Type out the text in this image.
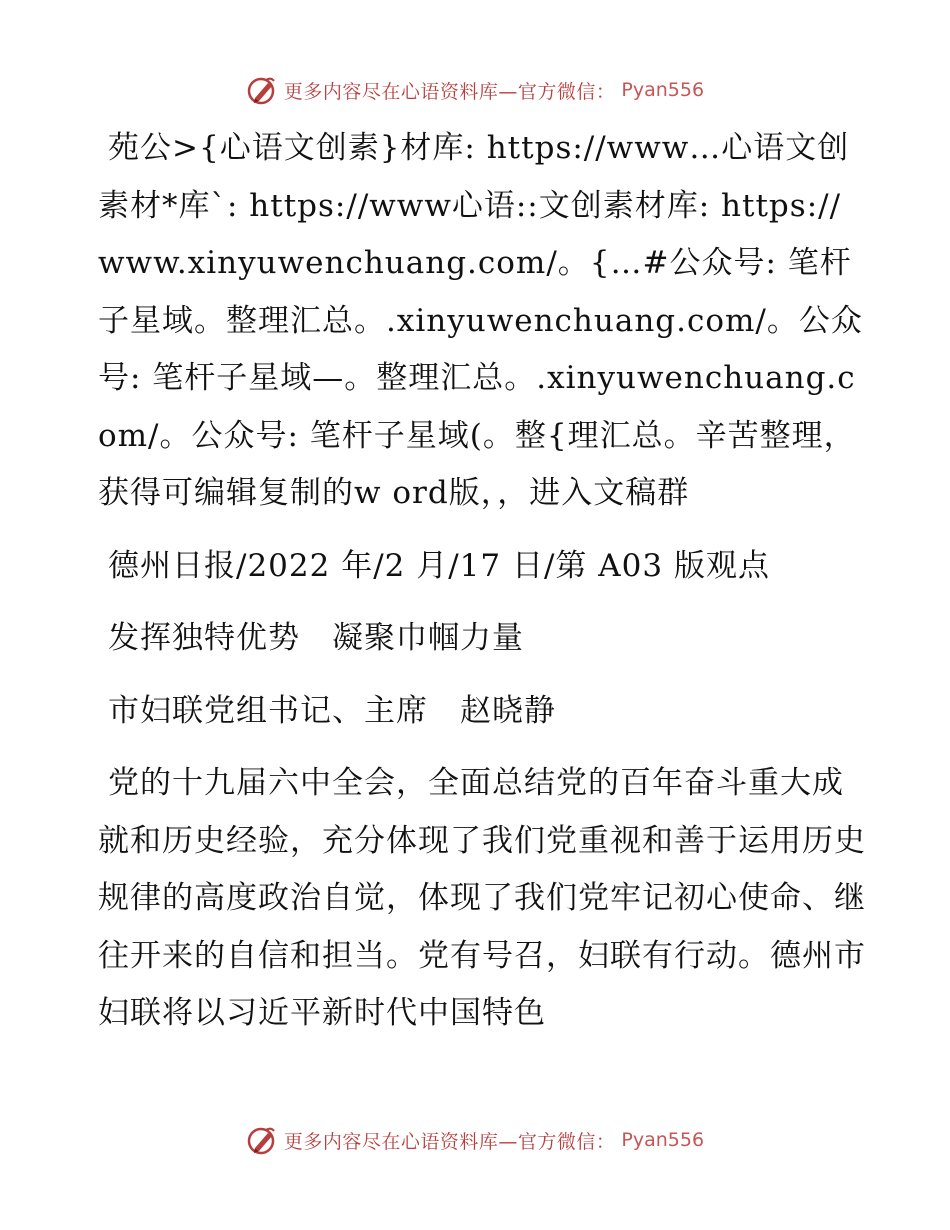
更多内容尽在心语资料库—官方微信： Pyan556

苑公>{心语文创素}材库: https://www…心语文创素材*库`: https://www心语::文创素材库: https://www.xinyuwenchuang.com/。{…#公众号: 笔杆子星域。整理汇总。.xinyuwenchuang.com/。公众号: 笔杆子星域—。整理汇总。.xinyuwenchuang.com/。公众号: 笔杆子星域(。整{理汇总。辛苦整理，获得可编辑复制的w ord版，，进入文稿群

德州日报/2022 年/2 月/17 日/第 A03 版观点

发挥独特优势　凝聚巾帼力量

市妇联党组书记、主席　赵晓静

党的十九届六中全会，全面总结党的百年奋斗重大成就和历史经验，充分体现了我们党重视和善于运用历史规律的高度政治自觉，体现了我们党牢记初心使命、继往开来的自信和担当。党有号召，妇联有行动。德州市妇联将以习近平新时代中国特色

更多内容尽在心语资料库—官方微信： Pyan556
